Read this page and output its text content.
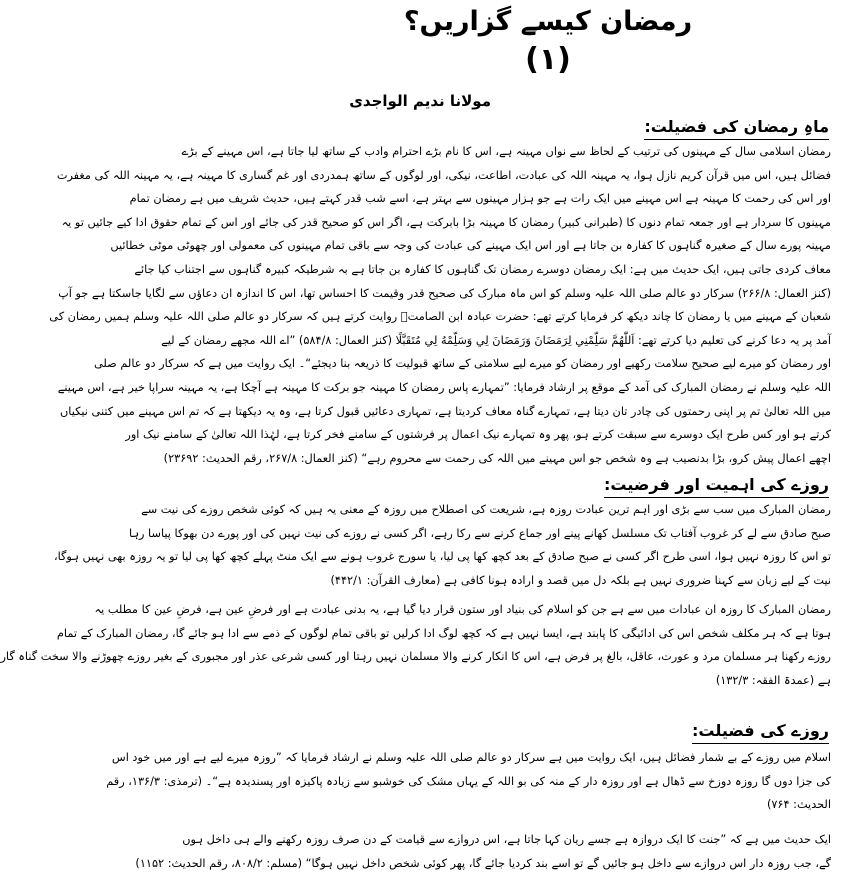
رمضان کیسے گزاریں؟
(۱)
مولانا ندیم الواجدی
ماہِ رمضان کی فضیلت:
رمضان اسلامی سال کے مہینوں کی ترتیب کے لحاظ سے نواں مہینہ ہے، اس کا نام بڑے احترام وادب کے ساتھ لیا جاتا ہے، اس مہینے کے بڑے
فضائل ہیں، اس میں قرآن کریم نازل ہوا، یہ مہینہ اللہ کی عبادت، اطاعت، نیکی، اور لوگوں کے ساتھ ہمدردی اور غم گساری کا مہینہ ہے، یہ مہینہ اللہ کی مغفرت
اور اس کی رحمت کا مہینہ ہے اس مہینے میں ایک رات ہے جو ہزار مہینوں سے بہتر ہے، اسے شب قدر کہتے ہیں، حدیث شریف میں ہے رمضان تمام
مہینوں کا سردار ہے اور جمعہ تمام دنوں کا (طبرانی کبیر) رمضان کا مہینہ بڑا بابرکت ہے، اگر اس کو صحیح قدر کی جائے اور اس کے تمام حقوق ادا کیے جائیں تو یہ
مہینہ پورے سال کے صغیرہ گناہوں کا کفارہ بن جاتا ہے اور اس ایک مہینے کی عبادت کی وجہ سے باقی تمام مہینوں کی معمولی اور چھوٹی موٹی خطائیں
معاف کردی جاتی ہیں، ایک حدیث میں ہے: ایک رمضان دوسرے رمضان تک گناہوں کا کفارہ بن جاتا ہے بہ شرطیکہ کبیرہ گناہوں سے اجتناب کیا جائے
(کنز العمال: ۲۶۶/۸) سرکار دو عالم صلی اللہ علیہ وسلم کو اس ماہ مبارک کی صحیح قدر وقیمت کا احساس تھا، اس کا اندازہ ان دعاؤں سے لگایا جاسکتا ہے جو آپ
شعبان کے مہینے میں یا رمضان کا چاند دیکھ کر فرمایا کرتے تھے: حضرت عبادہ ابن الصامتؓ روایت کرتے ہیں کہ سرکار دو عالم صلی اللہ علیہ وسلم ہمیں رمضان کی
آمد پر یہ دعا کرنے کی تعلیم دیا کرتے تھے: اَللّٰهُمَّ سَلِّمْنِي لِرَمَضَانَ وَرَمَضَانَ لِي وَسَلِّمْهُ لِي مُتَقَبَّلًا (کنز العمال: ۵۸۴/۸) ”اے اللہ مجھے رمضان کے لیے
اور رمضان کو میرے لیے صحیح سلامت رکھیے اور رمضان کو میرے لیے سلامتی کے ساتھ قبولیت کا ذریعہ بنا دیجئے“۔ ایک روایت میں ہے کہ سرکار دو عالم صلی
اللہ علیہ وسلم نے رمضان المبارک کی آمد کے موقع پر ارشاد فرمایا: ”تمہارے پاس رمضان کا مہینہ جو برکت کا مہینہ ہے آچکا ہے، یہ مہینہ سراپا خیر ہے، اس مہینے
میں اللہ تعالیٰ تم پر اپنی رحمتوں کی چادر تان دیتا ہے، تمہارے گناہ معاف کردیتا ہے، تمہاری دعائیں قبول کرتا ہے، وہ یہ دیکھتا ہے کہ تم اس مہینے میں کتنی نیکیاں
کرتے ہو اور کس طرح ایک دوسرے سے سبقت کرتے ہو، پھر وہ تمہارے نیک اعمال پر فرشتوں کے سامنے فخر کرتا ہے، لہٰذا اللہ تعالیٰ کے سامنے نیک اور
اچھے اعمال پیش کرو، بڑا بدنصیب ہے وہ شخص جو اس مہینے میں اللہ کی رحمت سے محروم رہے“ (کنز العمال: ۲۶۷/۸، رقم الحدیث: ۲۳۶۹۲)
روزے کی اہمیت اور فرضیت:
رمضان المبارک میں سب سے بڑی اور اہم ترین عبادت روزہ ہے، شریعت کی اصطلاح میں روزہ کے معنی یہ ہیں کہ کوئی شخص روزے کی نیت سے
صبح صادق سے لے کر غروب آفتاب تک مسلسل کھانے پینے اور جماع کرنے سے رکا رہے، اگر کسی نے روزے کی نیت نہیں کی اور پورے دن بھوکا پیاسا رہا
تو اس کا روزہ نہیں ہوا، اسی طرح اگر کسی نے صبح صادق کے بعد کچھ کھا پی لیا، یا سورج غروب ہونے سے ایک منٹ پہلے کچھ کھا پی لیا تو یہ روزہ بھی نہیں ہوگا،
نیت کے لیے زبان سے کہنا ضروری نہیں ہے بلکہ دل میں قصد و ارادہ ہونا کافی ہے (معارف القرآن: ۴۴۲/۱)
رمضان المبارک کا روزہ ان عبادات میں سے ہے جن کو اسلام کی بنیاد اور ستون قرار دیا گیا ہے، یہ بدنی عبادت ہے اور فرضِ عین ہے، فرضِ عین کا مطلب یہ
ہوتا ہے کہ ہر مکلف شخص اس کی ادائیگی کا پابند ہے، ایسا نہیں ہے کہ کچھ لوگ ادا کرلیں تو باقی تمام لوگوں کے ذمے سے ادا ہو جائے گا، رمضان المبارک کے تمام
روزے رکھنا ہر مسلمان مرد و عورت، عاقل، بالغ پر فرض ہے، اس کا انکار کرنے والا مسلمان نہیں رہتا اور کسی شرعی عذر اور مجبوری کے بغیر روزے چھوڑنے والا سخت گناہ گار
ہے (عمدۃ الفقہ: ۱۳۲/۳)
روزے کی فضیلت:
اسلام میں روزے کے بے شمار فضائل ہیں، ایک روایت میں ہے سرکار دو عالم صلی اللہ علیہ وسلم نے ارشاد فرمایا کہ ”روزہ میرے لیے ہے اور میں خود اس
کی جزا دوں گا روزہ دوزخ سے ڈھال ہے اور روزہ دار کے منہ کی بو اللہ کے یہاں مشک کی خوشبو سے زیادہ پاکیزہ اور پسندیدہ ہے“۔ (ترمذی: ۱۳۶/۳، رقم
الحدیث: ۷۶۴)
ایک حدیث میں ہے کہ ”جنت کا ایک دروازہ ہے جسے ریان کہا جاتا ہے، اس دروازے سے قیامت کے دن صرف روزہ رکھنے والے ہی داخل ہوں
گے، جب روزہ دار اس دروازے سے داخل ہو جائیں گے تو اسے بند کردیا جائے گا، پھر کوئی شخص داخل نہیں ہوگا“ (مسلم: ۸۰۸/۲، رقم الحدیث: ۱۱۵۲)
